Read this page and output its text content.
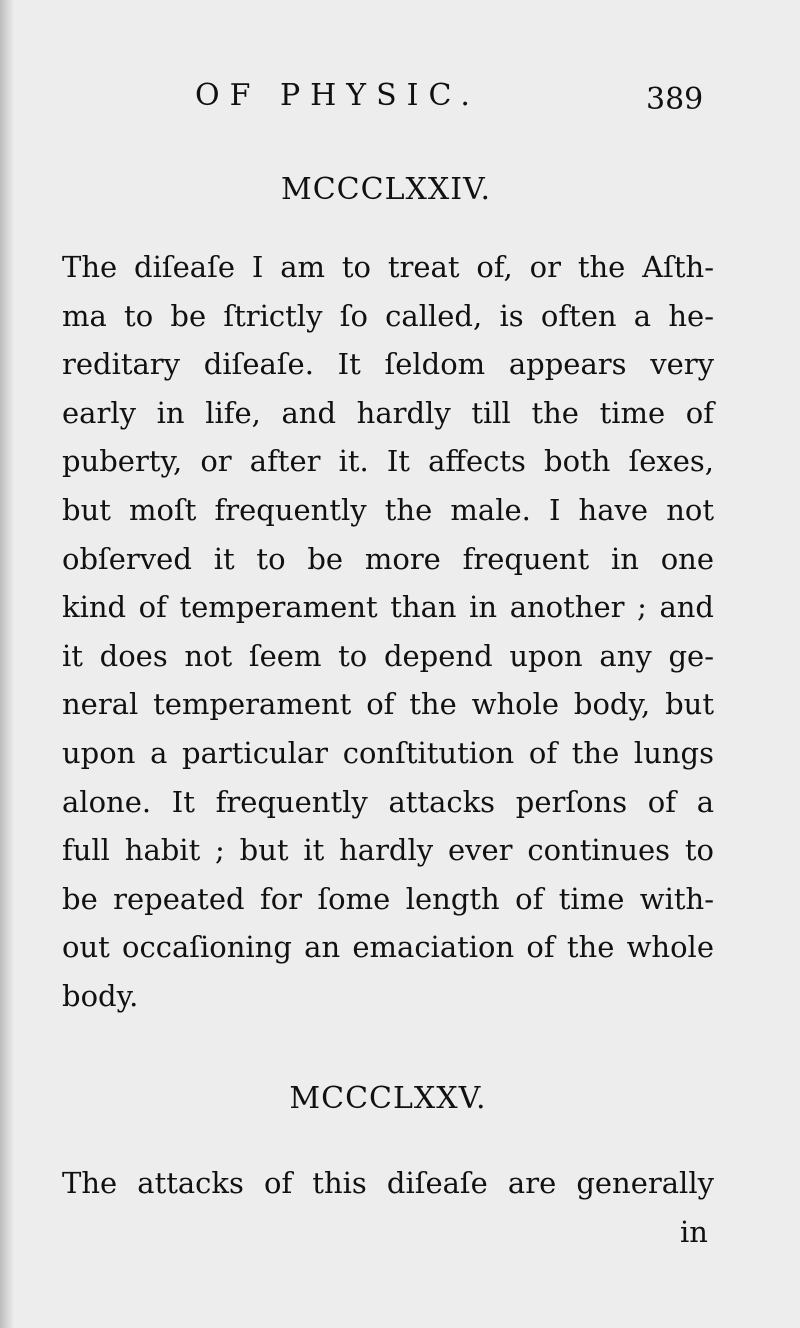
OF PHYSIC.	389
MCCCLXXIV.

The diſeaſe I am to treat of, or the Aſth-
ma to be ſtrictly ſo called, is often a he-
reditary diſeaſe. It ſeldom appears very
early in life, and hardly till the time of
puberty, or after it. It affects both ſexes,
but moſt frequently the male. I have not
obſerved it to be more frequent in one
kind of temperament than in another ; and
it does not ſeem to depend upon any ge-
neral temperament of the whole body, but
upon a particular conſtitution of the lungs
alone. It frequently attacks perſons of a
full habit ; but it hardly ever continues to
be repeated for ſome length of time with-
out occaſioning an emaciation of the whole
body.

MCCCLXXV.

The attacks of this diſeaſe are generally

in
